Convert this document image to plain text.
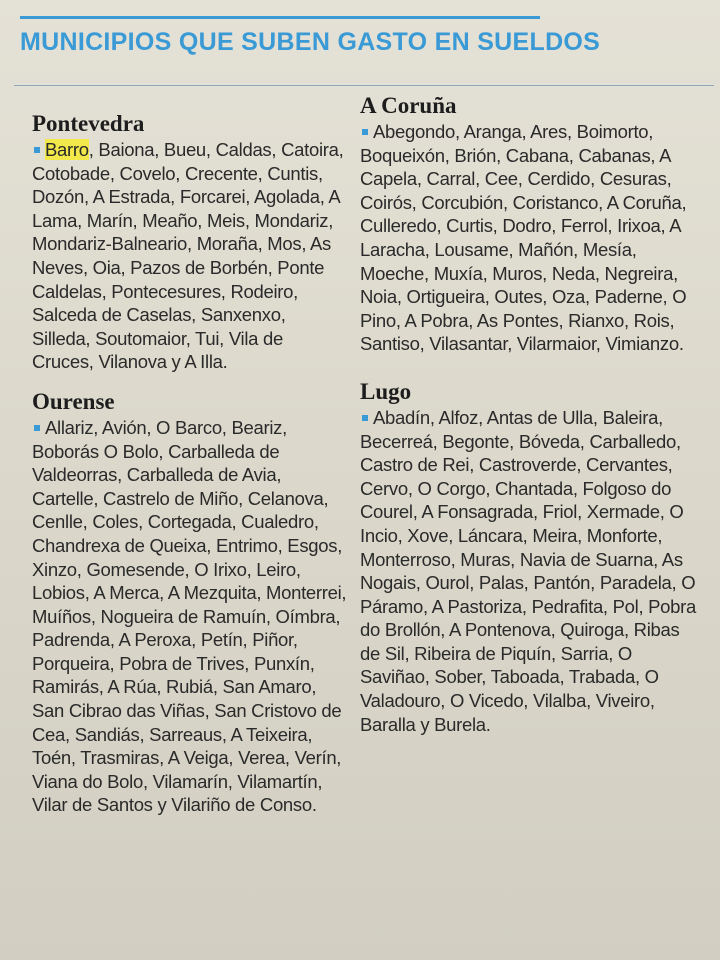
MUNICIPIOS QUE SUBEN GASTO EN SUELDOS
Pontevedra

Barro, Baiona, Bueu, Caldas, Catoira, Cotobade, Covelo, Crecente, Cuntis, Dozón, A Estrada, Forcarei, Agolada, A Lama, Marín, Meaño, Meis, Mondariz, Mondariz-Balneario, Moraña, Mos, As Neves, Oia, Pazos de Borbén, Ponte Caldelas, Pontecesures, Rodeiro, Salceda de Caselas, Sanxenxo, Silleda, Soutomaior, Tui, Vila de Cruces, Vilanova y A Illa.

Ourense

Allariz, Avión, O Barco, Beariz, Boborás O Bolo, Carballeda de Valdeorras, Carballeda de Avia, Cartelle, Castrelo de Miño, Celanova, Cenlle, Coles, Cortegada, Cualedro, Chandrexa de Queixa, Entrimo, Esgos, Xinzo, Gomesende, O Irixo, Leiro, Lobios, A Merca, A Mezquita, Monterrei, Muíños, Nogueira de Ramuín, Oímbra, Padrenda, A Peroxa, Petín, Piñor, Porqueira, Pobra de Trives, Punxín, Ramirás, A Rúa, Rubiá, San Amaro, San Cibrao das Viñas, San Cristovo de Cea, Sandiás, Sarreaus, A Teixeira, Toén, Trasmiras, A Veiga, Verea, Verín, Viana do Bolo, Vilamarín, Vilamartín, Vilar de Santos y Vilariño de Conso.

A Coruña

Abegondo, Aranga, Ares, Boimorto, Boqueixón, Brión, Cabana, Cabanas, A Capela, Carral, Cee, Cerdido, Cesuras, Coirós, Corcubión, Coristanco, A Coruña, Culleredo, Curtis, Dodro, Ferrol, Irixoa, A Laracha, Lousame, Mañón, Mesía, Moeche, Muxía, Muros, Neda, Negreira, Noia, Ortigueira, Outes, Oza, Paderne, O Pino, A Pobra, As Pontes, Rianxo, Rois, Santiso, Vilasantar, Vilarmaior, Vimianzo.

Lugo

Abadín, Alfoz, Antas de Ulla, Baleira, Becerreá, Begonte, Bóveda, Carballedo, Castro de Rei, Castroverde, Cervantes, Cervo, O Corgo, Chantada, Folgoso do Courel, A Fonsagrada, Friol, Xermade, O Incio, Xove, Láncara, Meira, Monforte, Monterroso, Muras, Navia de Suarna, As Nogais, Ourol, Palas, Pantón, Paradela, O Páramo, A Pastoriza, Pedrafita, Pol, Pobra do Brollón, A Pontenova, Quiroga, Ribas de Sil, Ribeira de Piquín, Sarria, O Saviñao, Sober, Taboada, Trabada, O Valadouro, O Vicedo, Vilalba, Viveiro, Baralla y Burela.
